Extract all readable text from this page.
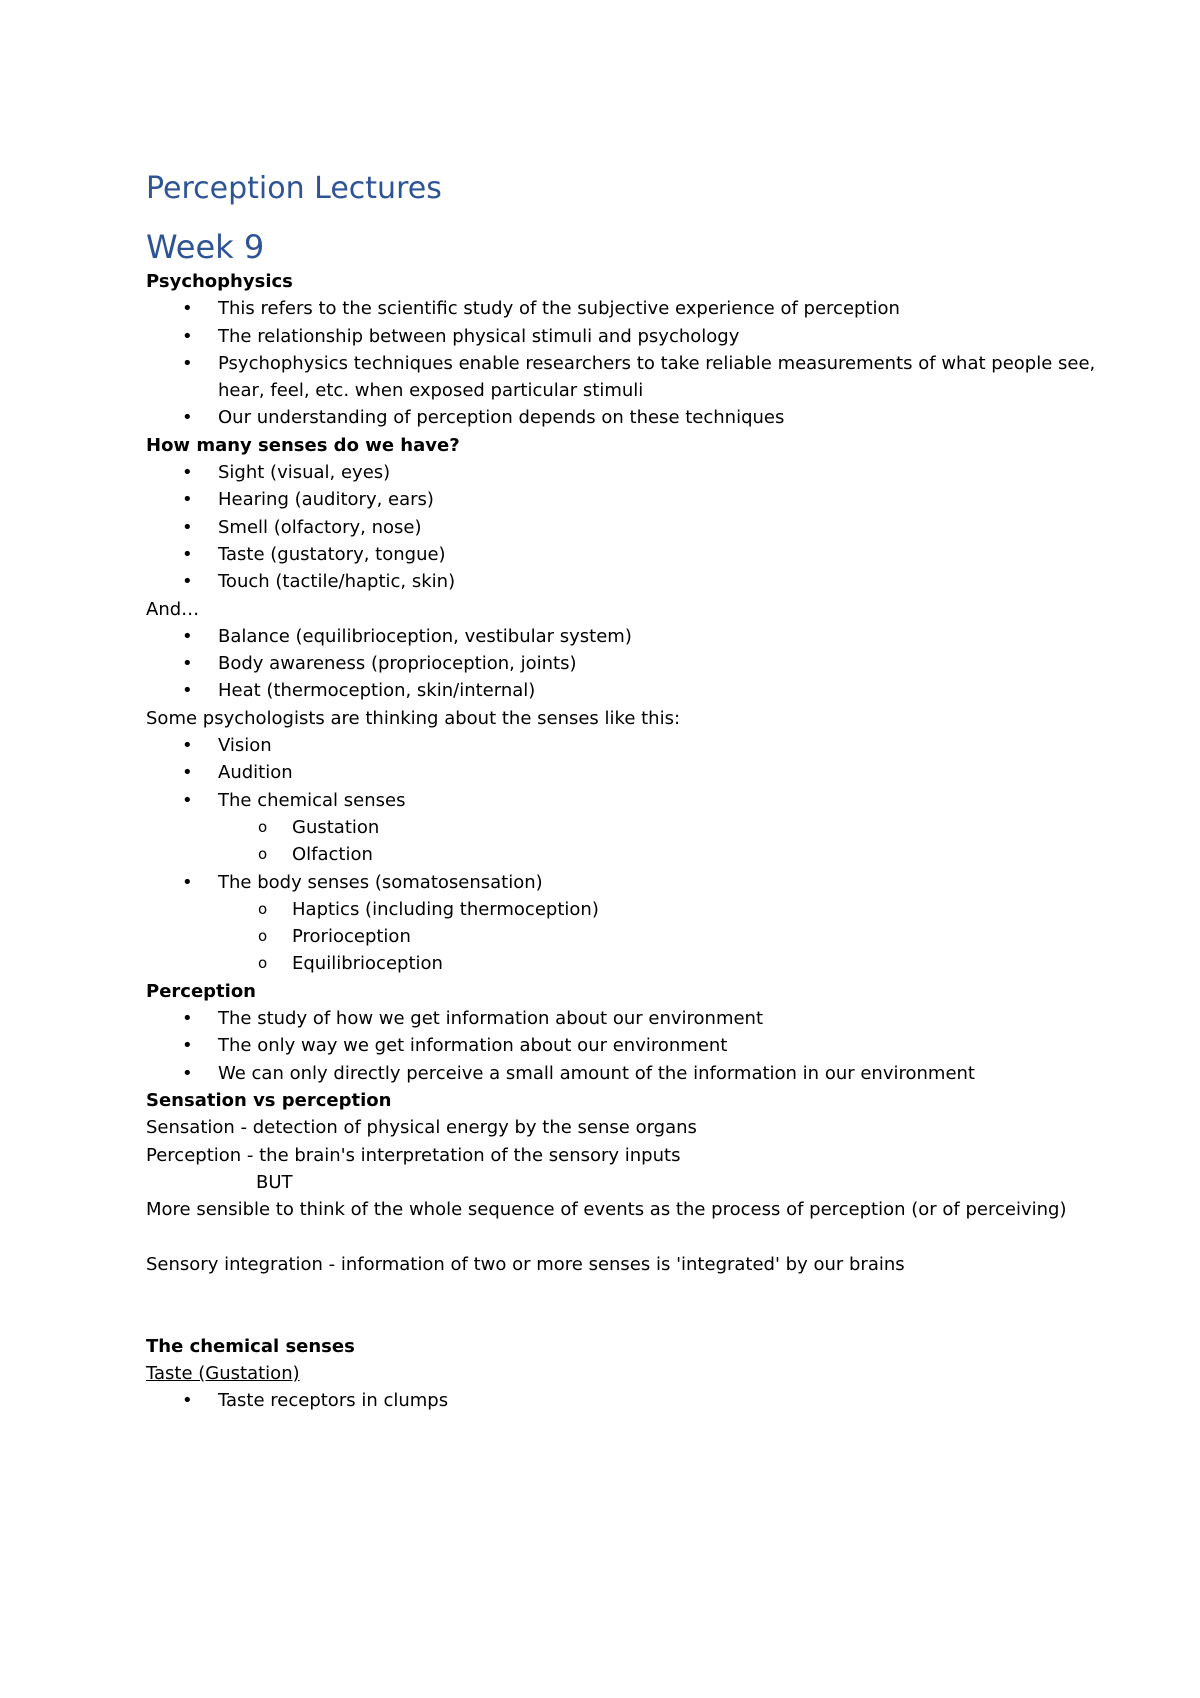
Perception Lectures
Week 9
Psychophysics
• This refers to the scientific study of the subjective experience of perception
• The relationship between physical stimuli and psychology
• Psychophysics techniques enable researchers to take reliable measurements of what people see, hear, feel, etc. when exposed particular stimuli
• Our understanding of perception depends on these techniques
How many senses do we have?
• Sight (visual, eyes)
• Hearing (auditory, ears)
• Smell (olfactory, nose)
• Taste (gustatory, tongue)
• Touch (tactile/haptic, skin)
And…
• Balance (equilibrioception, vestibular system)
• Body awareness (proprioception, joints)
• Heat (thermoception, skin/internal)
Some psychologists are thinking about the senses like this:
• Vision
• Audition
• The chemical senses
o Gustation
o Olfaction
• The body senses (somatosensation)
o Haptics (including thermoception)
o Prorioception
o Equilibrioception
Perception
• The study of how we get information about our environment
• The only way we get information about our environment
• We can only directly perceive a small amount of the information in our environment
Sensation vs perception
Sensation - detection of physical energy by the sense organs
Perception - the brain's interpretation of the sensory inputs
BUT
More sensible to think of the whole sequence of events as the process of perception (or of perceiving)
Sensory integration - information of two or more senses is 'integrated' by our brains
The chemical senses
Taste (Gustation)
• Taste receptors in clumps
